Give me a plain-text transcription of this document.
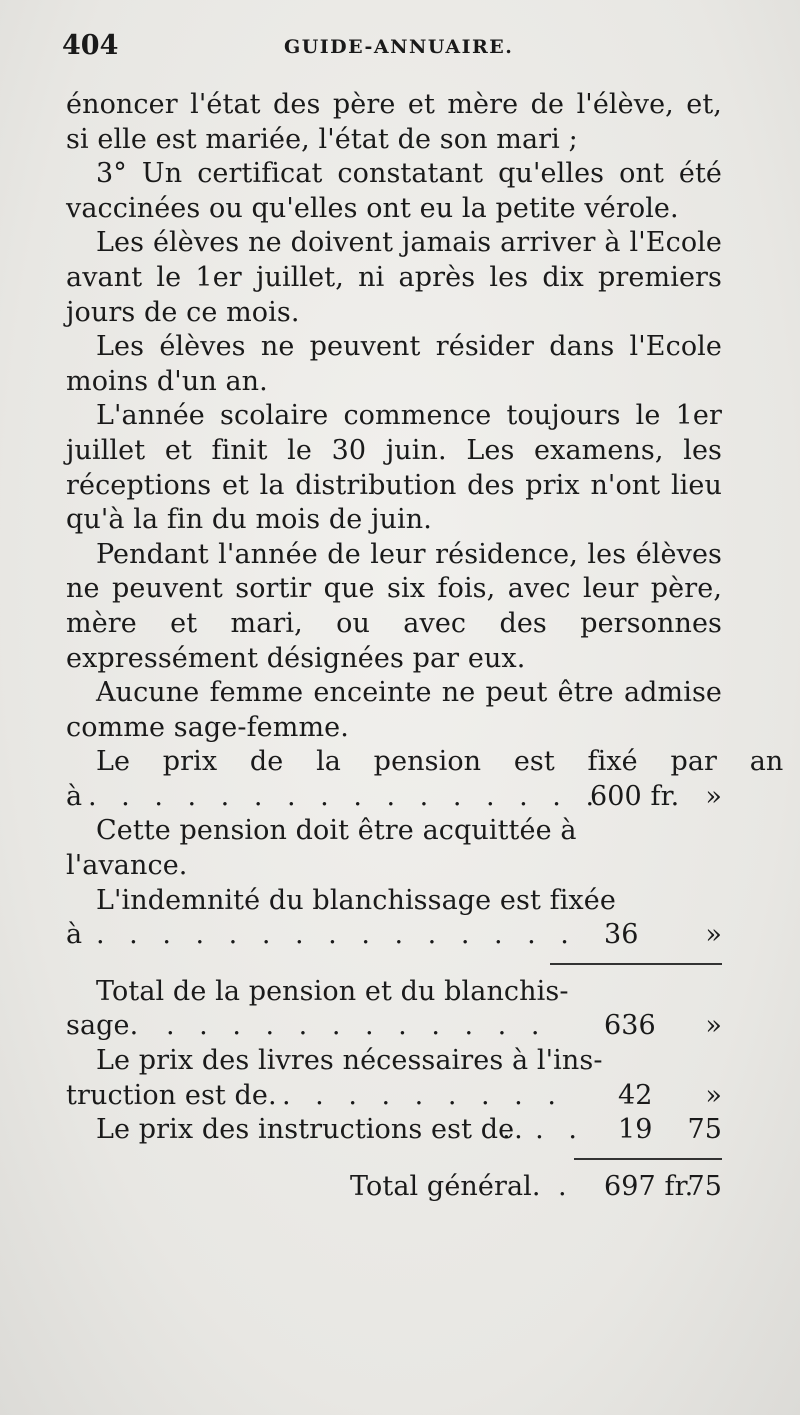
404	GUIDE-ANNUAIRE.

énoncer l'état des père et mère de l'élève, et, si elle est mariée, l'état de son mari ;

3° Un certificat constatant qu'elles ont été vaccinées ou qu'elles ont eu la petite vérole.

Les élèves ne doivent jamais arriver à l'Ecole avant le 1er juillet, ni après les dix premiers jours de ce mois.

Les élèves ne peuvent résider dans l'Ecole moins d'un an.

L'année scolaire commence toujours le 1er juillet et finit le 30 juin. Les examens, les réceptions et la distribution des prix n'ont lieu qu'à la fin du mois de juin.

Pendant l'année de leur résidence, les élèves ne peuvent sortir que six fois, avec leur père, mère et mari, ou avec des personnes expressément désignées par eux.

Aucune femme enceinte ne peut être admise comme sage-femme.

Le prix de la pension est fixé par an
à . . . . . . . . . . . . . . . .
600 fr. »
Cette pension doit être acquittée à
l'avance.
L'indemnité du blanchissage est fixée
à . . . . . . . . . . . . . . . 36 »
Total de la pension et du blanchis-
sage. . . . . . . . . . . . . 636 »
Le prix des livres nécessaires à l'ins-
truction est de. . . . . . . . . . 42 »
Le prix des instructions est de.
. . . 19 75
Total général. . 697 fr.
75
